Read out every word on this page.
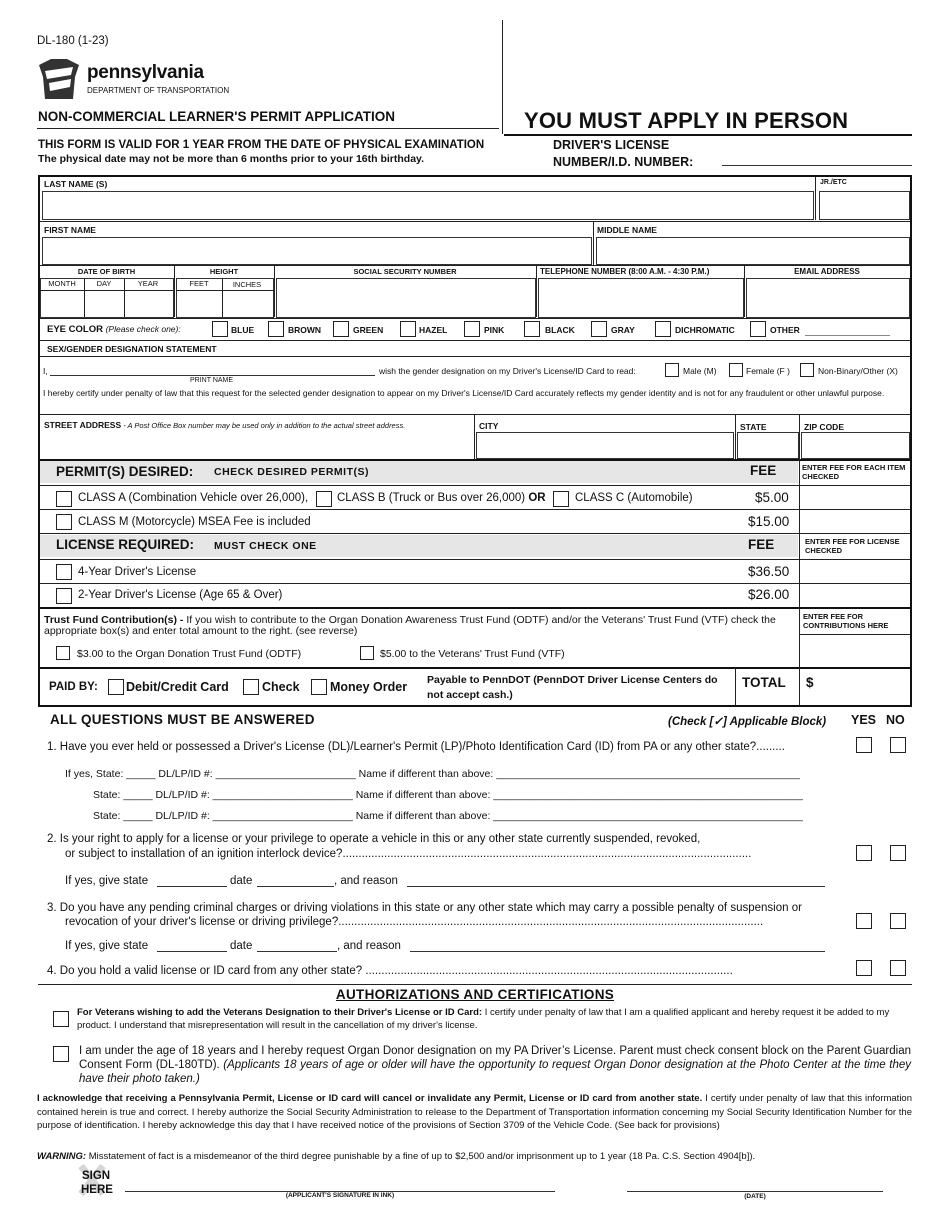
DL-180 (1-23)
pennsylvania
DEPARTMENT OF TRANSPORTATION
NON-COMMERCIAL LEARNER'S PERMIT APPLICATION	YOU MUST APPLY IN PERSON
THIS FORM IS VALID FOR 1 YEAR FROM THE DATE OF PHYSICAL EXAMINATION
The physical date may not be more than 6 months prior to your 16th birthday.
DRIVER'S LICENSE
NUMBER/I.D. NUMBER:
LAST NAME (S)	JR./ETC
FIRST NAME	MIDDLE NAME
DATE OF BIRTH
MONTH	DAY	YEAR
HEIGHT
FEET	INCHES
SOCIAL SECURITY NUMBER	TELEPHONE NUMBER (8:00 A.M. - 4:30 P.M.)	EMAIL ADDRESS
EYE COLOR (Please check one):	BLUE	BROWN	GREEN	HAZEL	PINK	BLACK	GRAY	DICHROMATIC	OTHER
SEX/GENDER DESIGNATION STATEMENT
I,
PRINT NAME
wish the gender designation on my Driver's License/ID Card to read:	Male (M)	Female (F )	Non-Binary/Other (X)
I hereby certify under penalty of law that this request for the selected gender designation to appear on my Driver's License/ID Card accurately reflects my gender identity and is not for any fraudulent or other unlawful purpose.
STREET ADDRESS - A Post Office Box number may be used only in addition to the actual street address.	CITY	STATE	ZIP CODE
PERMIT(S) DESIRED: CHECK DESIRED PERMIT(S)	FEE	ENTER FEE FOR EACH ITEM CHECKED
CLASS A (Combination Vehicle over 26,000),	CLASS B (Truck or Bus over 26,000) OR	CLASS C (Automobile)	$5.00
CLASS M (Motorcycle) MSEA Fee is included	$15.00
LICENSE REQUIRED: MUST CHECK ONE	FEE	ENTER FEE FOR LICENSE CHECKED
4-Year Driver's License	$36.50
2-Year Driver's License (Age 65 & Over)	$26.00
Trust Fund Contribution(s) - If you wish to contribute to the Organ Donation Awareness Trust Fund (ODTF) and/or the Veterans' Trust Fund (VTF) check the appropriate box(s) and enter total amount to the right. (see reverse)
ENTER FEE FOR CONTRIBUTIONS HERE
$3.00 to the Organ Donation Trust Fund (ODTF)	$5.00 to the Veterans' Trust Fund (VTF)
PAID BY: Debit/Credit Card	Check Money Order Payable to PennDOT (PennDOT Driver License Centers do not accept cash.)
TOTAL $
ALL QUESTIONS MUST BE ANSWERED	(Check [✓] Applicable Block) YES NO
1. Have you ever held or possessed a Driver's License (DL)/Learner's Permit (LP)/Photo Identification Card (ID) from PA or any other state?.........
If yes, State: _____ DL/LP/ID #: ________________________ Name if different than above: ____________________________________________________
State: _____ DL/LP/ID #: ________________________ Name if different than above: _____________________________________________________
State: _____ DL/LP/ID #: ________________________ Name if different than above: _____________________________________________________
2. Is your right to apply for a license or your privilege to operate a vehicle in this or any other state currently suspended, revoked,
or subject to installation of an ignition interlock device?................................................................................................................................
If yes, give state	date	, and reason
3. Do you have any pending criminal charges or driving violations in this state or any other state which may carry a possible penalty of suspension or
revocation of your driver's license or driving privilege?.....................................................................................................................................
If yes, give state	date	, and reason
4. Do you hold a valid license or ID card from any other state? ...................................................................................................................
AUTHORIZATIONS AND CERTIFICATIONS
For Veterans wishing to add the Veterans Designation to their Driver's License or ID Card: I certify under penalty of law that I am a qualified applicant and hereby request it be added to my product. I understand that misrepresentation will result in the cancellation of my driver's license.
I am under the age of 18 years and I hereby request Organ Donor designation on my PA Driver’s License. Parent must check consent block on the Parent Guardian Consent Form (DL-180TD). (Applicants 18 years of age or older will have the opportunity to request Organ Donor designation at the Photo Center at the time they have their photo taken.)
I acknowledge that receiving a Pennsylvania Permit, License or ID card will cancel or invalidate any Permit, License or ID card from another state. I certify under penalty of law that this information contained herein is true and correct. I hereby authorize the Social Security Administration to release to the Department of Transportation information concerning my Social Security Identification Number for the purpose of identification. I hereby acknowledge this day that I have received notice of the provisions of Section 3709 of the Vehicle Code. (See back for provisions)
WARNING: Misstatement of fact is a misdemeanor of the third degree punishable by a fine of up to $2,500 and/or imprisonment up to 1 year (18 Pa. C.S. Section 4904[b]).
SIGN
HERE	(APPLICANT'S SIGNATURE IN INK)	(DATE)
